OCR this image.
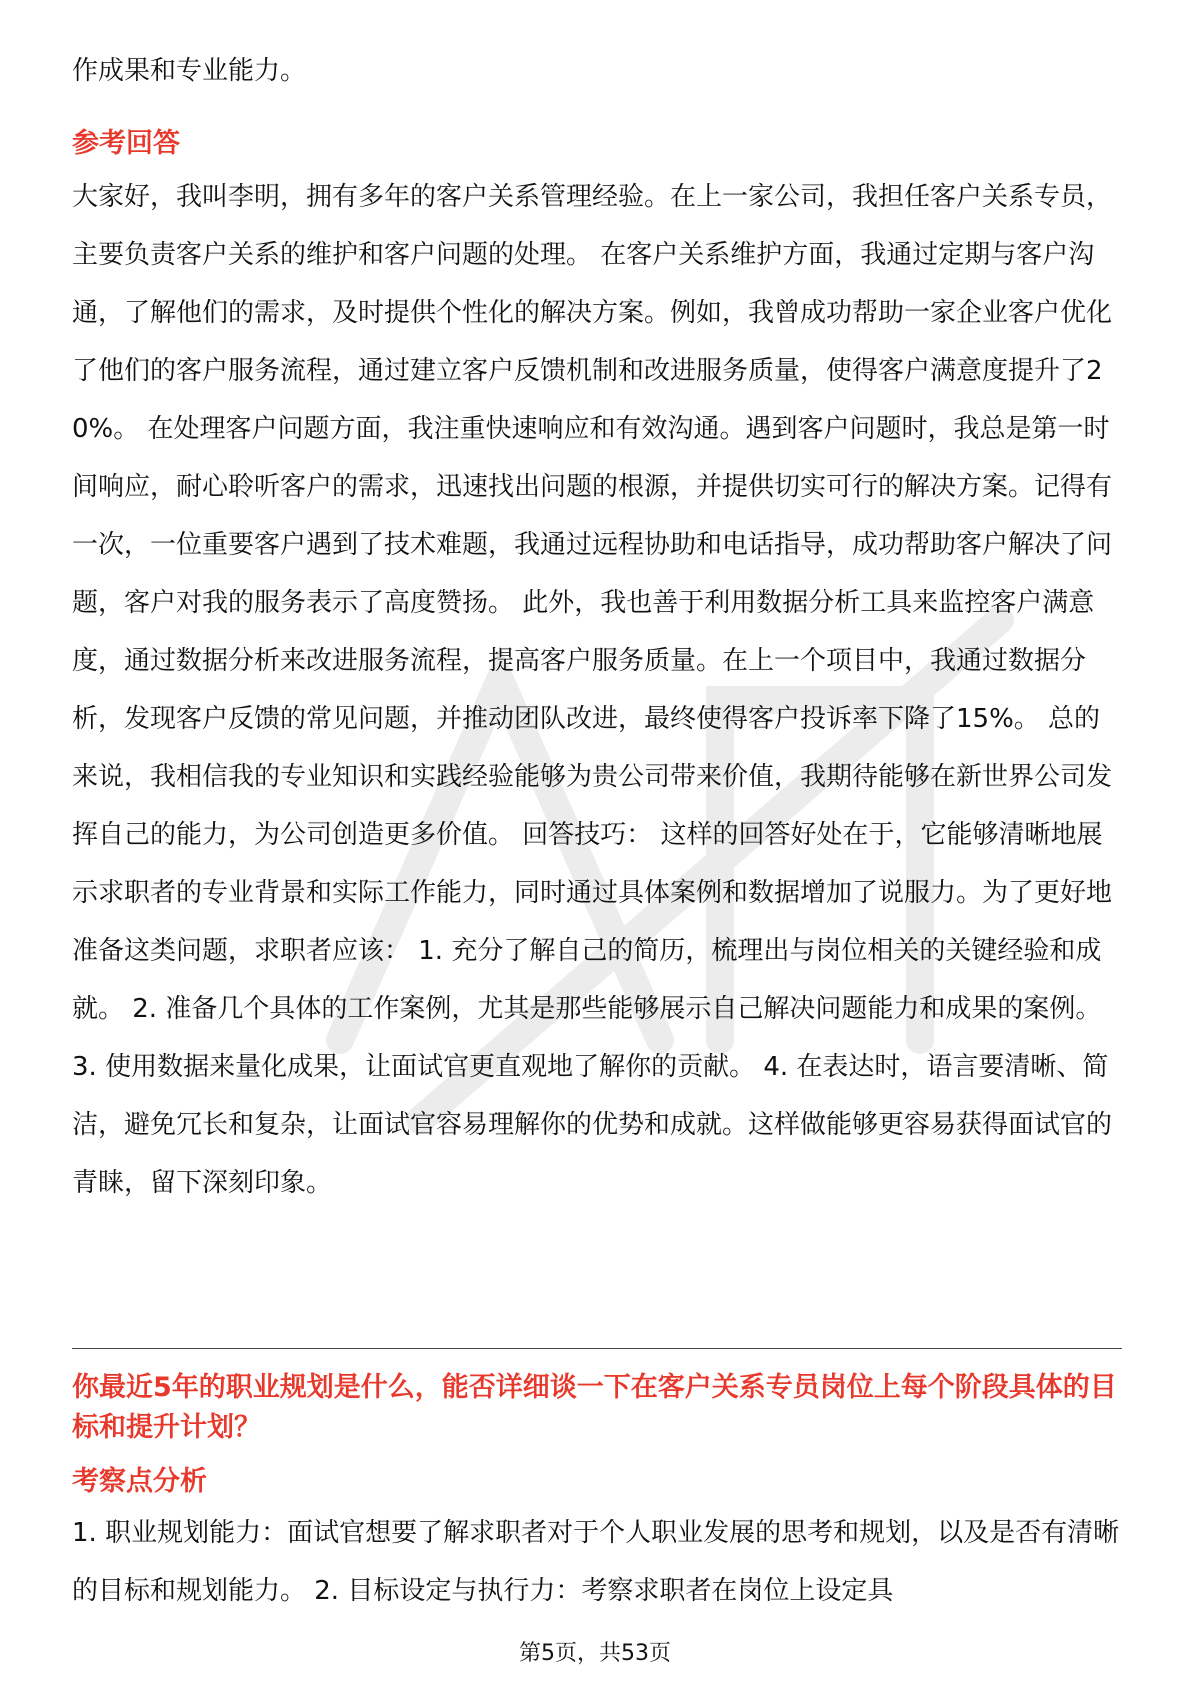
作成果和专业能力。

参考回答

大家好，我叫李明，拥有多年的客户关系管理经验。在上一家公司，我担任客户关系专员，主要负责客户关系的维护和客户问题的处理。 在客户关系维护方面，我通过定期与客户沟通，了解他们的需求，及时提供个性化的解决方案。例如，我曾成功帮助一家企业客户优化了他们的客户服务流程，通过建立客户反馈机制和改进服务质量，使得客户满意度提升了20%。 在处理客户问题方面，我注重快速响应和有效沟通。遇到客户问题时，我总是第一时间响应，耐心聆听客户的需求，迅速找出问题的根源，并提供切实可行的解决方案。记得有一次，一位重要客户遇到了技术难题，我通过远程协助和电话指导，成功帮助客户解决了问题，客户对我的服务表示了高度赞扬。 此外，我也善于利用数据分析工具来监控客户满意度，通过数据分析来改进服务流程，提高客户服务质量。在上一个项目中，我通过数据分析，发现客户反馈的常见问题，并推动团队改进，最终使得客户投诉率下降了15%。 总的来说，我相信我的专业知识和实践经验能够为贵公司带来价值，我期待能够在新世界公司发挥自己的能力，为公司创造更多价值。 回答技巧： 这样的回答好处在于，它能够清晰地展示求职者的专业背景和实际工作能力，同时通过具体案例和数据增加了说服力。为了更好地准备这类问题，求职者应该： 1. 充分了解自己的简历，梳理出与岗位相关的关键经验和成就。 2. 准备几个具体的工作案例，尤其是那些能够展示自己解决问题能力和成果的案例。 3. 使用数据来量化成果，让面试官更直观地了解你的贡献。 4. 在表达时，语言要清晰、简洁，避免冗长和复杂，让面试官容易理解你的优势和成就。这样做能够更容易获得面试官的青睐，留下深刻印象。

你最近5年的职业规划是什么，能否详细谈一下在客户关系专员岗位上每个阶段具体的目标和提升计划？

考察点分析

1. 职业规划能力：面试官想要了解求职者对于个人职业发展的思考和规划，以及是否有清晰的目标和规划能力。 2. 目标设定与执行力：考察求职者在岗位上设定具

第5页，共53页
